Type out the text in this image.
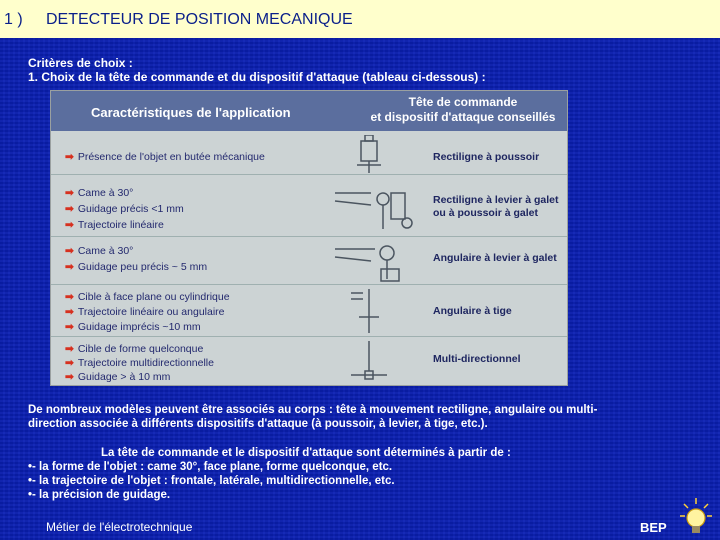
1 ) DETECTEUR DE POSITION MECANIQUE
Critères de choix :
1. Choix de la tête de commande et du dispositif d'attaque (tableau ci-dessous) :
Caractéristiques de l'application
Tête de commande
et dispositif d'attaque conseillés
➡ Présence de l'objet en butée mécanique	Rectiligne à poussoir
➡ Came à 30°
➡ Guidage précis <1 mm
➡ Trajectoire linéaire
Rectiligne à levier à galet
ou à poussoir à galet
➡ Came à 30°
➡ Guidage peu précis ~ 5 mm
Angulaire à levier à galet
➡ Cible à face plane ou cylindrique
➡ Trajectoire linéaire ou angulaire
➡ Guidage imprécis ~10 mm
Angulaire à tige
➡ Cible de forme quelconque
➡ Trajectoire multidirectionnelle
➡ Guidage > à 10 mm
Multi-directionnel
De nombreux modèles peuvent être associés au corps : tête à mouvement rectiligne, angulaire ou multi-
direction associée à différents dispositifs d'attaque (à poussoir, à levier, à tige, etc.).
La tête de commande et le dispositif d'attaque sont déterminés à partir de :
•- la forme de l'objet : came 30°, face plane, forme quelconque, etc.
•- la trajectoire de l'objet : frontale, latérale, multidirectionnelle, etc.
•- la précision de guidage.
Métier de l'électrotechnique	BEP
